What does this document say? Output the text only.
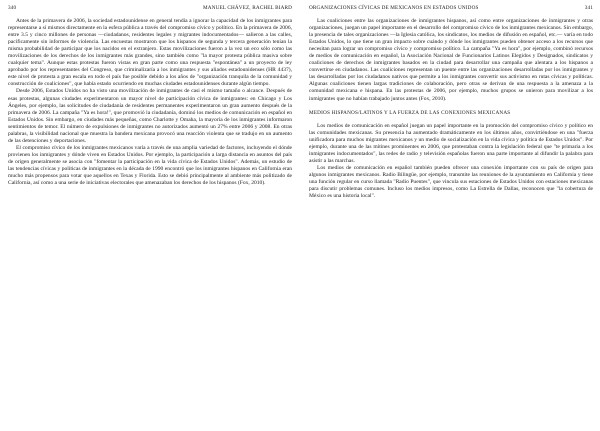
340	MANUEL CHÁVEZ, RACHEL BIARD

Antes de la primavera de 2006, la sociedad estadounidense en general tendía a ignorar la capacidad de los inmigrantes para representarse a sí mismos directamente en la esfera pública a través del compromiso cívico y político. En la primavera de 2006, entre 3.5 y cinco millones de personas —ciudadanos, residentes legales y migrantes indocumentados— salieron a las calles, pacíficamente sin informes de violencia. Las encuestas mostraron que los hispanos de segunda y tercera generación tenían la misma probabilidad de participar que los nacidos en el extranjero. Estas movilizaciones fueron a la vez un eco sólo como las movilizaciones de los derechos de los inmigrantes más grandes, sino también como "la mayor protesta pública masiva sobre cualquier tema". Aunque estas protestas fueron vistas en gran parte como una respuesta "espontánea" a un proyecto de ley aprobado por los representantes del Congreso, que criminalizaría a los inmigrantes y sus aliados estadounidenses (HR 4437), este nivel de protesta a gran escala en todo el país fue posible debido a los años de "organización tranquila de la comunidad y construcción de coaliciones", que había estado ocurriendo en muchas ciudades estadounidenses durante algún tiempo.

Desde 2006, Estados Unidos no ha visto una movilización de inmigrantes de casi el mismo tamaño o alcance. Después de esas protestas, algunas ciudades experimentaron un mayor nivel de participación cívica de inmigrantes: en Chicago y Los Ángeles, por ejemplo, las solicitudes de ciudadanía de residentes permanentes experimentaron un gran aumento después de la primavera de 2006. La campaña "Ya es hora!", que promovió la ciudadanía, dominó los medios de comunicación en español en Estados Unidos. Sin embargo, en ciudades más pequeñas, como Charlotte y Omaha, la mayoría de los inmigrantes informaron sentimientos de temor. El número de expulsiones de inmigrantes no autorizados aumentó un 27% entre 2006 y 2008. En otras palabras, la visibilidad nacional que muestra la bandera mexicana provocó una reacción violenta que se tradujo en un aumento de las detenciones y deportaciones.

El compromiso cívico de los inmigrantes mexicanos varía a través de una amplia variedad de factores, incluyendo el dónde provienen los inmigrantes y dónde viven en Estados Unidos. Por ejemplo, la participación a larga distancia en asuntos del país de origen generalmente se asocia con "fomentar la participación en la vida cívica de Estados Unidos". Además, un estudio de las tendencias cívicas y políticas de inmigrantes en la década de 1990 encontró que los inmigrantes hispanos en California eran mucho más propensos para votar que aquellos en Texas y Florida. Esto se debió principalmente al ambiente más politizado de California, así como a una serie de iniciativas electorales que amenazaban los derechos de los hispanos (Fox, 2010).

ORGANIZACIONES CÍVICAS DE MEXICANOS EN ESTADOS UNIDOS	341

Las coaliciones entre las organizaciones de inmigrantes hispanos, así como entre organizaciones de inmigrantes y otras organizaciones, juegan un papel importante en el desarrollo del compromiso cívico de los inmigrantes mexicanos. Sin embargo, la presencia de tales organizaciones —la Iglesia católica, los sindicatos, los medios de difusión en español, etc.— varía en todo Estados Unidos, lo que tiene un gran impacto sobre cuándo y dónde los inmigrantes pueden obtener acceso a los recursos que necesitan para lograr un compromiso cívico y compromiso político. La campaña "Ya es hora", por ejemplo, combinó recursos de medios de comunicación en español, la Asociación Nacional de Funcionarios Latinos Elegidos y Designados, sindicatos y coaliciones de derechos de inmigrantes basados en la ciudad para desarrollar una campaña que alentara a los hispanos a convertirse en ciudadanos. Las coaliciones representan un puente entre las organizaciones desarrolladas por los inmigrantes y las desarrolladas por los ciudadanos nativos que permite a los inmigrantes convertir sus activismo en rutas cívicas y políticas. Algunas coaliciones tienen largas tradiciones de colaboración, pero otras se derivan de una respuesta a la amenaza a la comunidad mexicana e hispana. En las protestas de 2006, por ejemplo, muchos grupos se unieron para movilizar a los inmigrantes que no habían trabajado juntos antes (Fox, 2010).

MEDIOS HISPANOS/LATINOS Y LA FUERZA DE LAS CONEXIONES MEXICANAS

Los medios de comunicación en español juegan un papel importante en la promoción del compromiso cívico y político en las comunidades mexicanas. Su presencia ha aumentado dramáticamente en los últimos años, convirtiéndose en una "fuerza unificadora para muchos migrantes mexicanos y un medio de socialización en la vida cívica y política de Estados Unidos". Por ejemplo, durante una de las mítines prominentes en 2006, que protestaban contra la legislación federal que "te primaria a los inmigrantes indocumentados", las redes de radio y televisión españolas fueron una parte importante al difundir la palabra para asistir a las marchas.

Los medios de comunicación en español también pueden ofrecer una conexión importante con su país de origen para algunos inmigrantes mexicanos. Radio Bilingüe, por ejemplo, transmite las reuniones de la ayuntamiento en California y tiene una función regular en curso llamada "Radio Puentes", que vincula sus estaciones de Estados Unidos con estaciones mexicanas para discutir problemas comunes. Incluso los medios impresos, como La Estrella de Dallas, reconocen que "la cobertura de México es una historia local".
